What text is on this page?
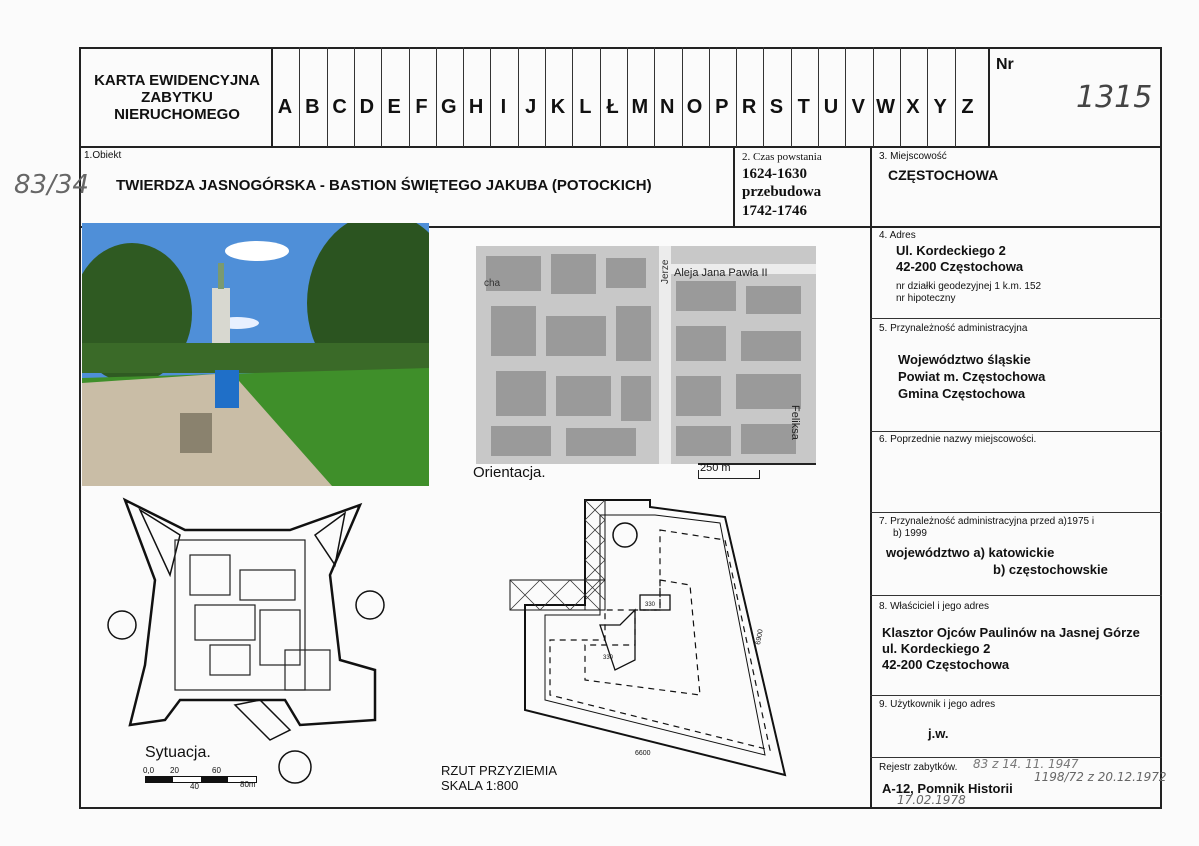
KARTA EWIDENCYJNA ZABYTKU NIERUCHOMEGO	A B C D E F G H I J K L Ł M N O P R S T U V W X Y Z
Nr
1315
83/34
1.Obiekt
TWIERDZA JASNOGÓRSKA - BASTION ŚWIĘTEGO JAKUBA (POTOCKICH)
2. Czas powstania
1624-1630
przebudowa
1742-1746
3. Miejscowość
CZĘSTOCHOWA
4. Adres
Ul. Kordeckiego 2
42-200 Częstochowa
nr działki geodezyjnej 1 k.m. 152
nr hipoteczny
5. Przynależność administracyjna
Województwo śląskie
Powiat m. Częstochowa
Gmina Częstochowa
6. Poprzednie nazwy miejscowości.
7. Przynależność administracyjna przed a)1975 i
b) 1999
województwo a) katowickie
b) częstochowskie
8. Właściciel i jego adres
Klasztor Ojców Paulinów na Jasnej Górze
ul. Kordeckiego 2
42-200 Częstochowa
9. Użytkownik i jego adres
j.w.
Rejestr zabytków. 83 z 14. 11. 1947
A-12, Pomnik Historii
1198/72 z 20.12.1972
17.02.1978
Jerze Aleja Jana Pawła II
cha
Feliksa
250 m
Orientacja.
Sytuacja.
0,0 20
40
60
80m
330
330
6600
6900
RZUT PRZYZIEMIA
SKALA 1:800
